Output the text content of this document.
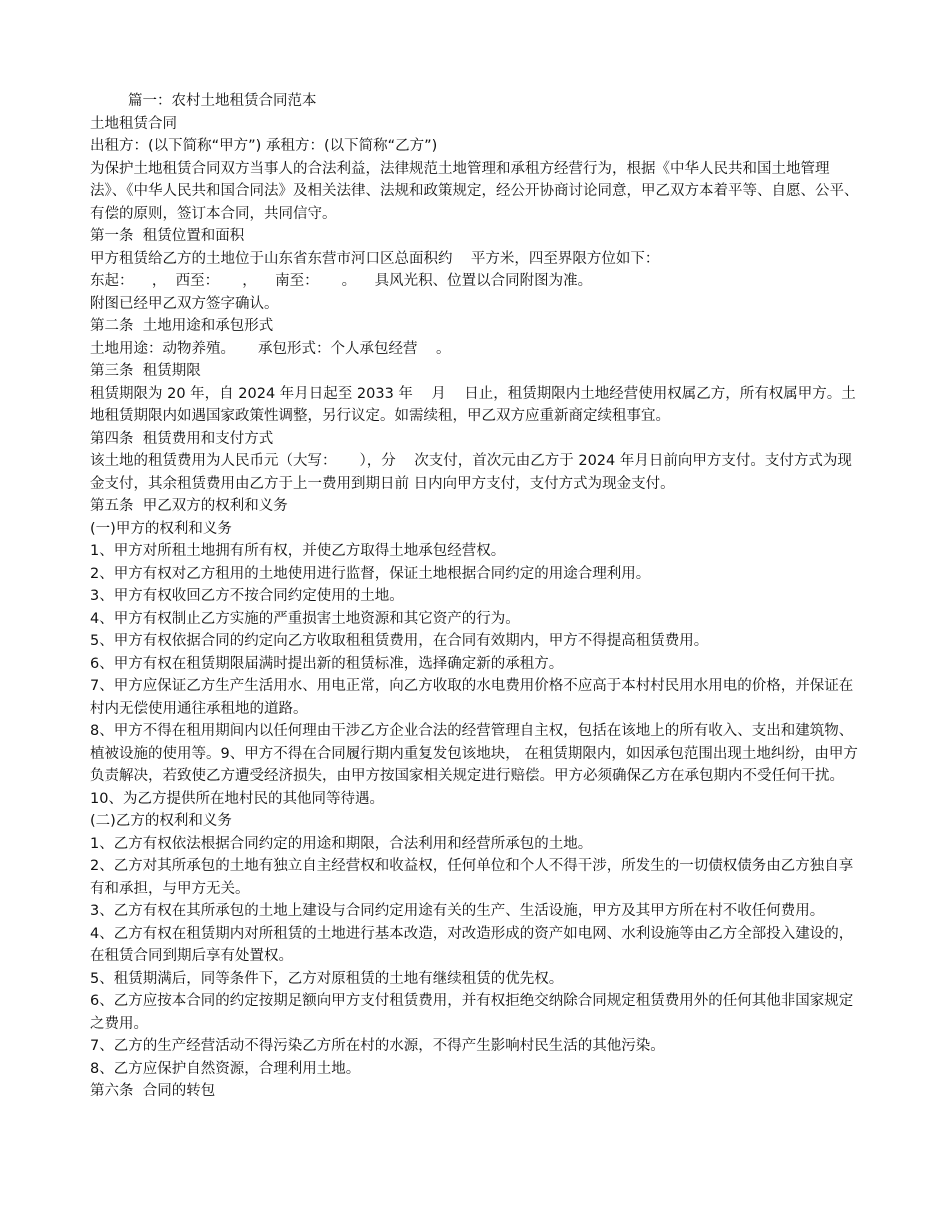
篇一：农村土地租赁合同范本

土地租赁合同

出租方：(以下简称“甲方”) 承租方：(以下简称“乙方”)

为保护土地租赁合同双方当事人的合法利益，法律规范土地管理和承租方经营行为，根据《中华人民共和国土地管理法》、《中华人民共和国合同法》及相关法律、法规和政策规定，经公开协商讨论同意，甲乙双方本着平等、自愿、公平、有偿的原则，签订本合同，共同信守。

第一条  租赁位置和面积

甲方租赁给乙方的土地位于山东省东营市河口区总面积约    平方米，四至界限方位如下：

东起：    ，  西至：     ，    南至：     。    具风光积、位置以合同附图为准。

附图已经甲乙双方签字确认。

第二条  土地用途和承包形式

土地用途：动物养殖。     承包形式：个人承包经营    。

第三条  租赁期限

租赁期限为 20 年，自 2024 年月日起至 2033 年    月    日止，租赁期限内土地经营使用权属乙方，所有权属甲方。土地租赁期限内如遇国家政策性调整，另行议定。如需续租，甲乙双方应重新商定续租事宜。

第四条  租赁费用和支付方式

该土地的租赁费用为人民币元（大写：     ），分    次支付，首次元由乙方于 2024 年月日前向甲方支付。支付方式为现金支付，其余租赁费用由乙方于上一费用到期日前 日内向甲方支付，支付方式为现金支付。

第五条  甲乙双方的权利和义务

(一)甲方的权利和义务

1、甲方对所租土地拥有所有权，并使乙方取得土地承包经营权。

2、甲方有权对乙方租用的土地使用进行监督，保证土地根据合同约定的用途合理利用。

3、甲方有权收回乙方不按合同约定使用的土地。

4、甲方有权制止乙方实施的严重损害土地资源和其它资产的行为。

5、甲方有权依据合同的约定向乙方收取租租赁费用，在合同有效期内，甲方不得提高租赁费用。

6、甲方有权在租赁期限届满时提出新的租赁标准，选择确定新的承租方。

7、甲方应保证乙方生产生活用水、用电正常，向乙方收取的水电费用价格不应高于本村村民用水用电的价格，并保证在村内无偿使用通往承租地的道路。

8、甲方不得在租用期间内以任何理由干涉乙方企业合法的经营管理自主权，包括在该地上的所有收入、支出和建筑物、植被设施的使用等。9、甲方不得在合同履行期内重复发包该地块， 在租赁期限内，如因承包范围出现土地纠纷，由甲方负责解决，若致使乙方遭受经济损失，由甲方按国家相关规定进行赔偿。甲方必须确保乙方在承包期内不受任何干扰。

10、为乙方提供所在地村民的其他同等待遇。

(二)乙方的权利和义务

1、乙方有权依法根据合同约定的用途和期限，合法利用和经营所承包的土地。

2、乙方对其所承包的土地有独立自主经营权和收益权，任何单位和个人不得干涉，所发生的一切债权债务由乙方独自享有和承担，与甲方无关。

3、乙方有权在其所承包的土地上建设与合同约定用途有关的生产、生活设施，甲方及其甲方所在村不收任何费用。

4、乙方有权在租赁期内对所租赁的土地进行基本改造，对改造形成的资产如电网、水利设施等由乙方全部投入建设的，在租赁合同到期后享有处置权。

5、租赁期满后，同等条件下，乙方对原租赁的土地有继续租赁的优先权。

6、乙方应按本合同的约定按期足额向甲方支付租赁费用，并有权拒绝交纳除合同规定租赁费用外的任何其他非国家规定之费用。

7、乙方的生产经营活动不得污染乙方所在村的水源，不得产生影响村民生活的其他污染。

8、乙方应保护自然资源，合理利用土地。

第六条  合同的转包
